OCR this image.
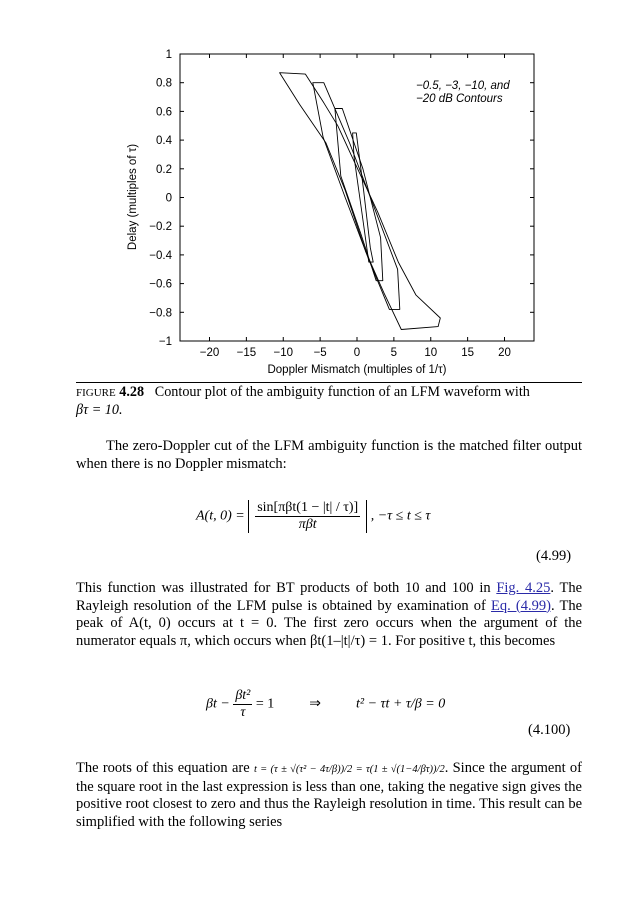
−20 −15 −10 −5 0	5 10 15 20
−1
−0.8
−0.6
−0.4
−0.2
0
0.2
0.4
0.6
0.8
1
−0.5, −3, −10, and
−20 dB Contours
Doppler Mismatch (multiples of 1/τ)
Delay (multiples of τ)
FIGURE 4.28 Contour plot of the ambiguity function of an LFM waveform with
βτ = 10.

The zero-Doppler cut of the LFM ambiguity function is the matched filter output when there is no Doppler mismatch:

A(t, $0) = \frac{\text{sin[πβt(1 − |t| / τ)]}}{\text{πβt}}$ , −τ ≤ t ≤ τ
(4.99)

This function was illustrated for BT products of both 10 and 100 in Fig. 4.25. The Rayleigh resolution of the LFM pulse is obtained by examination of Eq. (4.99). The peak of A(t, 0) occurs at t = 0. The first zero occurs when the argument of the numerator equals π, which occurs when βt(1–|t|/τ) = 1. For positive t, this becomes

$\beta t - \frac{\text{βt²}}{\tau} = 1$	⇒	t² − τt + τ/β = 0
(4.100)

The roots of this equation are t = (τ ± √(τ² − 4τ/β))/2 = τ(1 ± √(1−4/βτ))/2. Since the argument of the square root in the last expression is less than one, taking the negative sign gives the positive root closest to zero and thus the Rayleigh resolution in time. This result can be simplified with the following series
